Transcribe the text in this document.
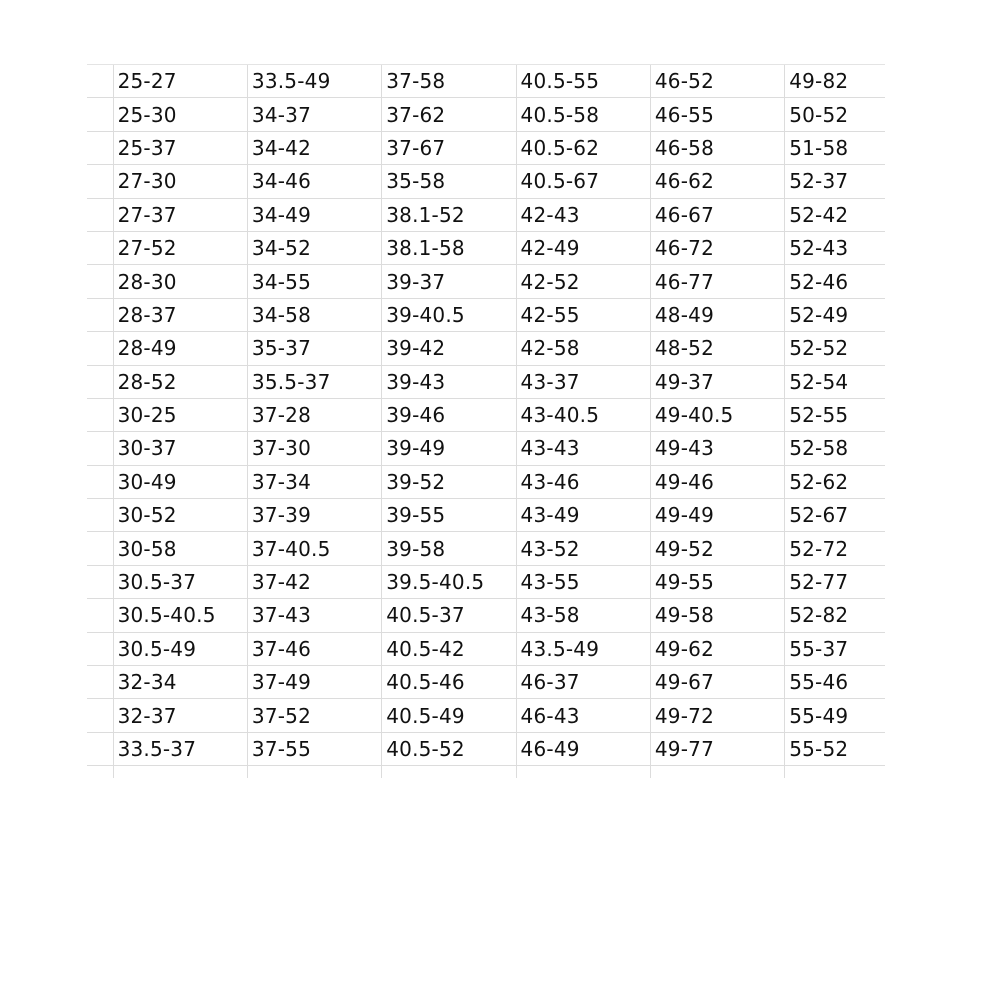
	25-27	33.5-49	37-58	40.5-55	46-52	49-82
	25-30	34-37	37-62	40.5-58	46-55	50-52
	25-37	34-42	37-67	40.5-62	46-58	51-58
	27-30	34-46	35-58	40.5-67	46-62	52-37
	27-37	34-49	38.1-52	42-43	46-67	52-42
	27-52	34-52	38.1-58	42-49	46-72	52-43
	28-30	34-55	39-37	42-52	46-77	52-46
	28-37	34-58	39-40.5	42-55	48-49	52-49
	28-49	35-37	39-42	42-58	48-52	52-52
	28-52	35.5-37	39-43	43-37	49-37	52-54
	30-25	37-28	39-46	43-40.5	49-40.5	52-55
	30-37	37-30	39-49	43-43	49-43	52-58
	30-49	37-34	39-52	43-46	49-46	52-62
	30-52	37-39	39-55	43-49	49-49	52-67
	30-58	37-40.5	39-58	43-52	49-52	52-72
	30.5-37	37-42	39.5-40.5	43-55	49-55	52-77
	30.5-40.5	37-43	40.5-37	43-58	49-58	52-82
	30.5-49	37-46	40.5-42	43.5-49	49-62	55-37
	32-34	37-49	40.5-46	46-37	49-67	55-46
	32-37	37-52	40.5-49	46-43	49-72	55-49
	33.5-37	37-55	40.5-52	46-49	49-77	55-52
